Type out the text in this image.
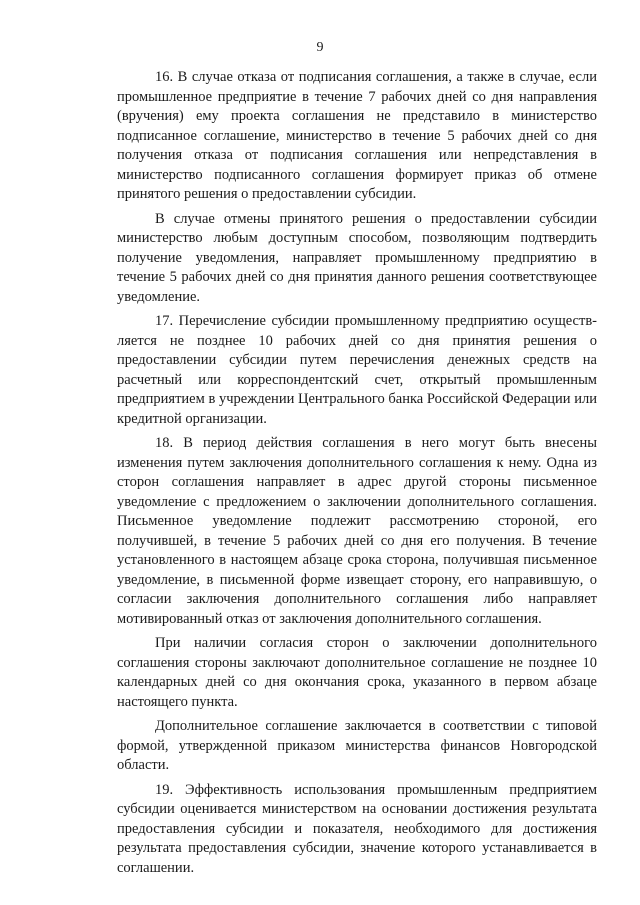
9

16. В случае отказа от подписания соглашения, а также в случае, если промышленное предприятие в течение 7 рабочих дней со дня направления (вручения) ему проекта соглашения не представило в министерство подписанное соглашение, министерство в течение 5 рабочих дней со дня получения отказа от подписания соглашения или непредставления в министерство подписанного соглашения формирует приказ об отмене принятого решения о предоставлении субсидии.

В случае отмены принятого решения о предоставлении субсидии министерство любым доступным способом, позволяющим подтвердить получение уведомления, направляет промышленному предприятию в течение 5 рабочих дней со дня принятия данного решения соответствующее уведомление.

17. Перечисление субсидии промышленному предприятию осуществ-ляется не позднее 10 рабочих дней со дня принятия решения о предоставлении субсидии путем перечисления денежных средств на расчетный или корреспондентский счет, открытый промышленным предприятием в учреждении Центрального банка Российской Федерации или кредитной организации.

18. В период действия соглашения в него могут быть внесены изменения путем заключения дополнительного соглашения к нему. Одна из сторон соглашения направляет в адрес другой стороны письменное уведомление с предложением о заключении дополнительного соглашения. Письменное уведомление подлежит рассмотрению стороной, его получившей, в течение 5 рабочих дней со дня его получения. В течение установленного в настоящем абзаце срока сторона, получившая письменное уведомление, в письменной форме извещает сторону, его направившую, о согласии заключения дополнительного соглашения либо направляет мотивированный отказ от заключения дополнительного соглашения.

При наличии согласия сторон о заключении дополнительного соглашения стороны заключают дополнительное соглашение не позднее 10 календарных дней со дня окончания срока, указанного в первом абзаце настоящего пункта.

Дополнительное соглашение заключается в соответствии с типовой формой, утвержденной приказом министерства финансов Новгородской области.

19. Эффективность использования промышленным предприятием субсидии оценивается министерством на основании достижения результата предоставления субсидии и показателя, необходимого для достижения результата предоставления субсидии, значение которого устанавливается в соглашении.
